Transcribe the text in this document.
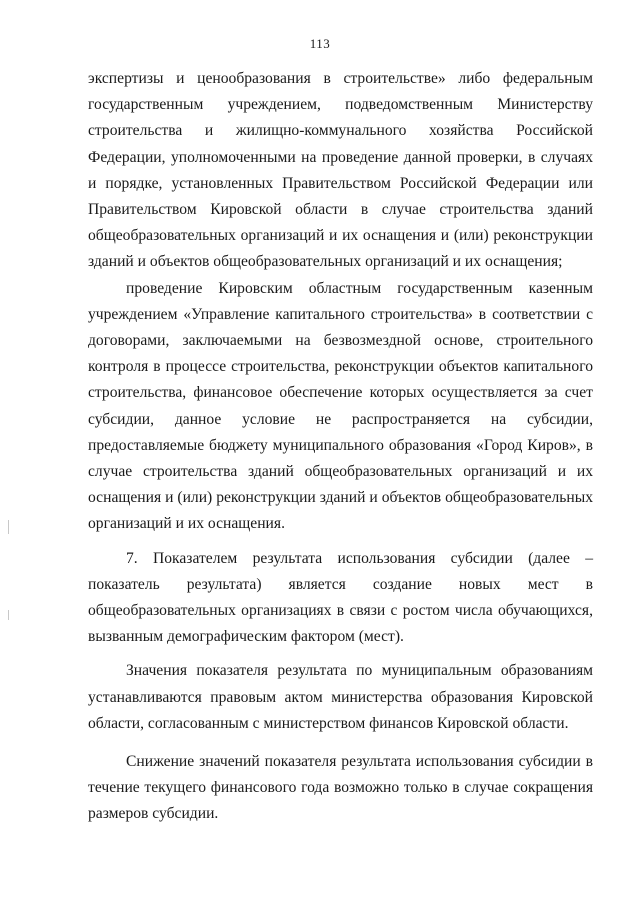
113

экспертизы и ценообразования в строительстве» либо федеральным государственным учреждением, подведомственным Министерству строительства и жилищно-коммунального хозяйства Российской Федерации, уполномоченными на проведение данной проверки, в случаях и порядке, установленных Правительством Российской Федерации или Правительством Кировской области в случае строительства зданий общеобразовательных организаций и их оснащения и (или) реконструкции зданий и объектов общеобразовательных организаций и их оснащения;

проведение Кировским областным государственным казенным учреждением «Управление капитального строительства» в соответствии с договорами, заключаемыми на безвозмездной основе, строительного контроля в процессе строительства, реконструкции объектов капитального строительства, финансовое обеспечение которых осуществляется за счет субсидии, данное условие не распространяется на субсидии, предоставляемые бюджету муниципального образования «Город Киров», в случае строительства зданий общеобразовательных организаций и их оснащения и (или) реконструкции зданий и объектов общеобразовательных организаций и их оснащения.

7. Показателем результата использования субсидии (далее – показатель результата) является создание новых мест в общеобразовательных организациях в связи с ростом числа обучающихся, вызванным демографическим фактором (мест).

Значения показателя результата по муниципальным образованиям устанавливаются правовым актом министерства образования Кировской области, согласованным с министерством финансов Кировской области.

Снижение значений показателя результата использования субсидии в течение текущего финансового года возможно только в случае сокращения размеров субсидии.
